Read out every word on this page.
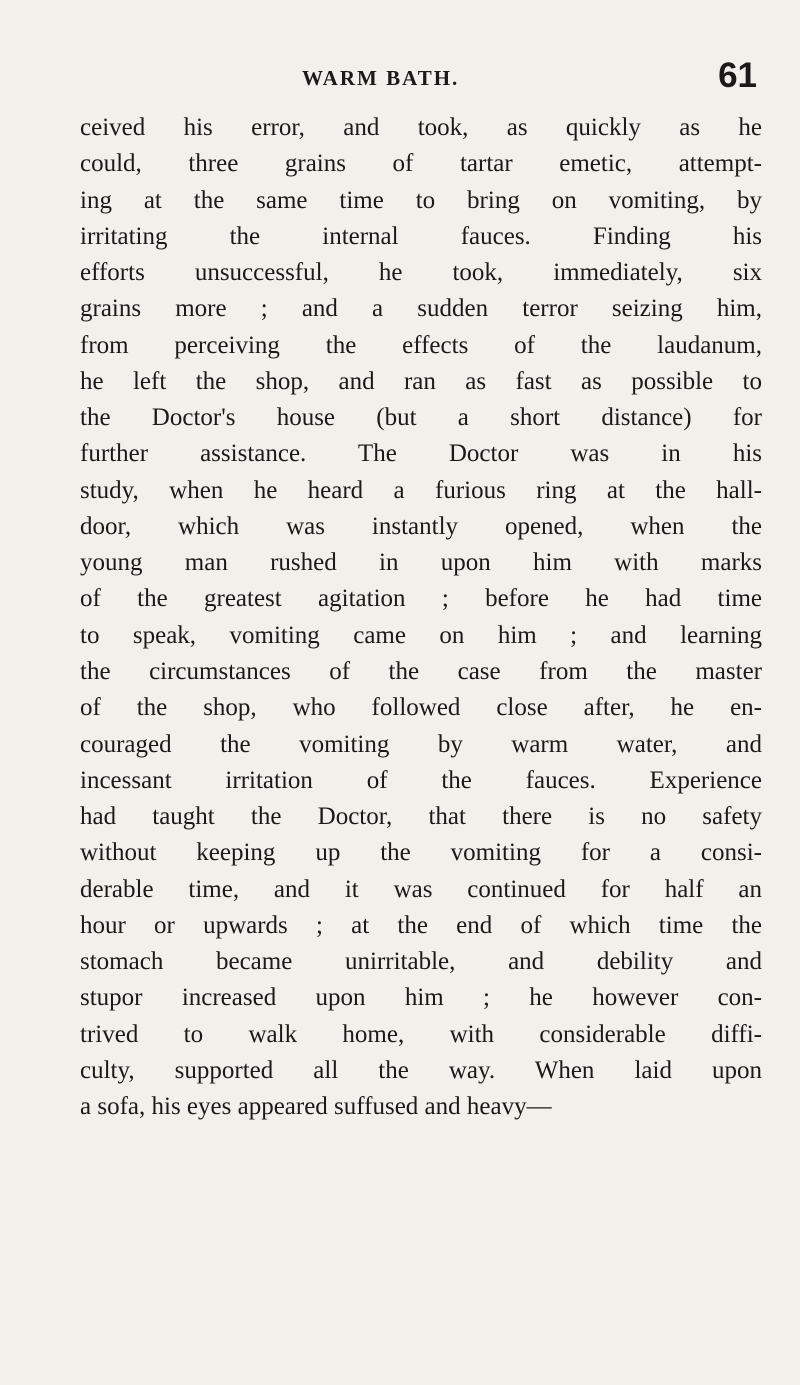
WARM BATH.	61
ceived his error, and took, as quickly as he
could, three grains of tartar emetic, attempt-
ing at the same time to bring on vomiting, by
irritating the internal fauces. Finding his
efforts unsuccessful, he took, immediately, six
grains more ; and a sudden terror seizing him,
from perceiving the effects of the laudanum,
he left the shop, and ran as fast as possible to
the Doctor's house (but a short distance) for
further assistance. The Doctor was in his
study, when he heard a furious ring at the hall-
door, which was instantly opened, when the
young man rushed in upon him with marks
of the greatest agitation ; before he had time
to speak, vomiting came on him ; and learning
the circumstances of the case from the master
of the shop, who followed close after, he en-
couraged the vomiting by warm water, and
incessant irritation of the fauces. Experience
had taught the Doctor, that there is no safety
without keeping up the vomiting for a consi-
derable time, and it was continued for half an
hour or upwards ; at the end of which time the
stomach became unirritable, and debility and
stupor increased upon him ; he however con-
trived to walk home, with considerable diffi-
culty, supported all the way. When laid upon
a sofa, his eyes appeared suffused and heavy—
